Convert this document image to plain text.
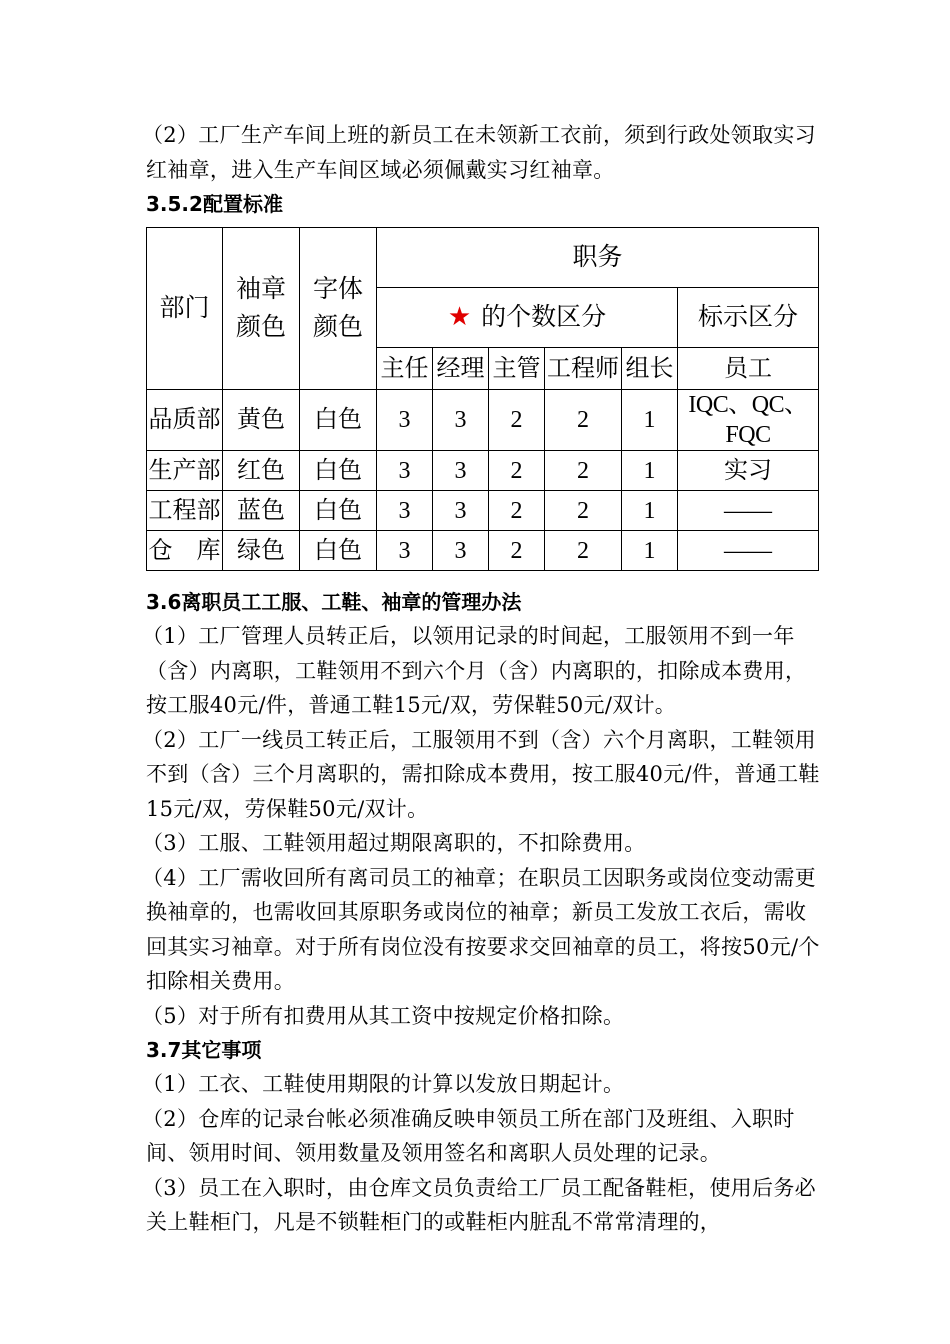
（2）工厂生产车间上班的新员工在未领新工衣前，须到行政处领取实习红袖章，进入生产车间区域必须佩戴实习红袖章。

3.5.2配置标准
部门	袖章颜色	字体颜色	职务					
			★ 的个数区分					标示区分
			主任	经理	主管	工程师	组长	员工
品质部	黄色	白色	3	3	2	2	1	IQC、QC、FQC
生产部	红色	白色	3	3	2	2	1	实习
工程部	蓝色	白色	3	3	2	2	1	——
仓　库	绿色	白色	3	3	2	2	1	——
3.6离职员工工服、工鞋、袖章的管理办法

（1）工厂管理人员转正后，以领用记录的时间起，工服领用不到一年（含）内离职，工鞋领用不到六个月（含）内离职的，扣除成本费用，按工服40元/件，普通工鞋15元/双，劳保鞋50元/双计。

（2）工厂一线员工转正后，工服领用不到（含）六个月离职，工鞋领用不到（含）三个月离职的，需扣除成本费用，按工服40元/件，普通工鞋15元/双，劳保鞋50元/双计。

（3）工服、工鞋领用超过期限离职的，不扣除费用。

（4）工厂需收回所有离司员工的袖章；在职员工因职务或岗位变动需更换袖章的，也需收回其原职务或岗位的袖章；新员工发放工衣后，需收回其实习袖章。对于所有岗位没有按要求交回袖章的员工，将按50元/个扣除相关费用。

（5）对于所有扣费用从其工资中按规定价格扣除。

3.7其它事项

（1）工衣、工鞋使用期限的计算以发放日期起计。

（2）仓库的记录台帐必须准确反映申领员工所在部门及班组、入职时间、领用时间、领用数量及领用签名和离职人员处理的记录。

（3）员工在入职时，由仓库文员负责给工厂员工配备鞋柜，使用后务必关上鞋柜门，凡是不锁鞋柜门的或鞋柜内脏乱不常常清理的，
